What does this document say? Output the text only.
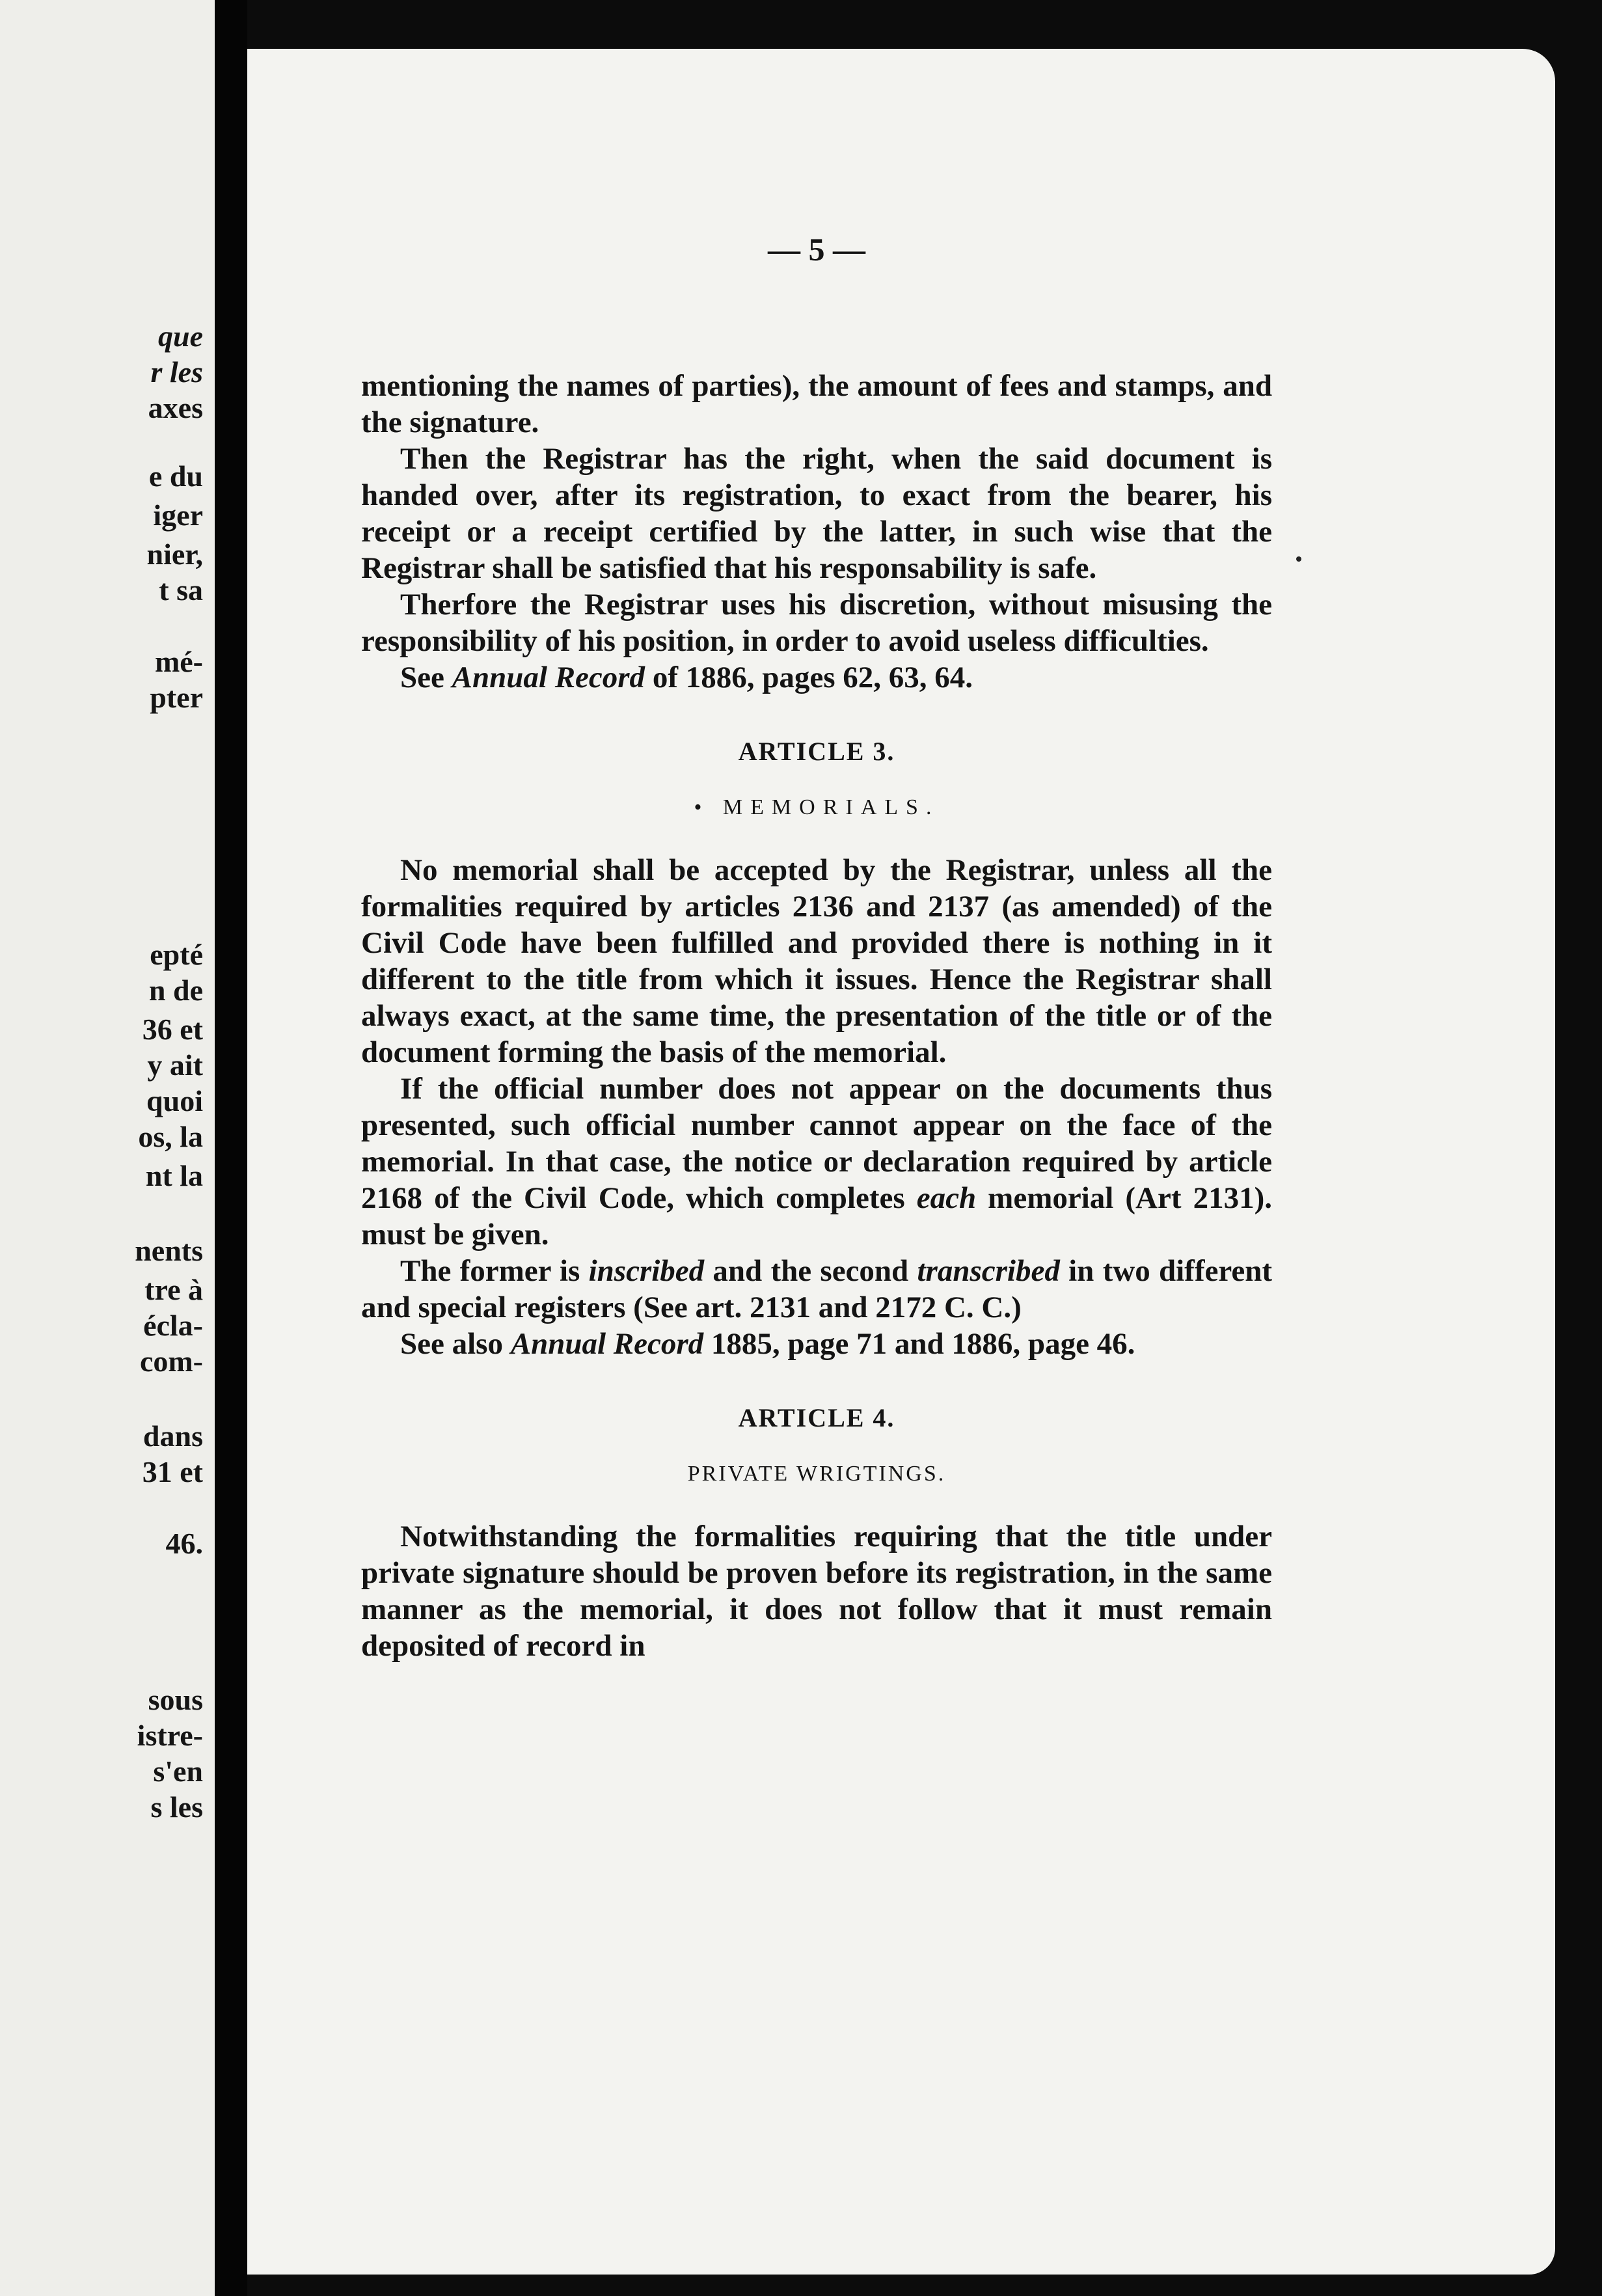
que
r les
axes
e du
iger
nier,
t sa
mé-
pter
epté
n de
36 et
y ait
quoi
os, la
nt la
nents
tre à
écla-
com-
dans
31 et
46.
sous
istre-
s'en
s les
— 5 —

mentioning the names of parties), the amount of fees and stamps, and the signature.

Then the Registrar has the right, when the said document is handed over, after its registration, to exact from the bearer, his receipt or a receipt certified by the latter, in such wise that the Registrar shall be satisfied that his responsability is safe.

Therfore the Registrar uses his discretion, without misusing the responsibility of his position, in order to avoid useless difficulties.

See Annual Record of 1886, pages 62, 63, 64.

ARTICLE 3.
• MEMORIALS.

No memorial shall be accepted by the Registrar, unless all the formalities required by articles 2136 and 2137 (as amended) of the Civil Code have been fulfilled and provided there is nothing in it different to the title from which it issues. Hence the Registrar shall always exact, at the same time, the presentation of the title or of the document forming the basis of the memorial.

If the official number does not appear on the documents thus presented, such official number cannot appear on the face of the memorial. In that case, the notice or declaration required by article 2168 of the Civil Code, which completes each memorial (Art 2131). must be given.

The former is inscribed and the second transcribed in two different and special registers (See art. 2131 and 2172 C. C.)

See also Annual Record 1885, page 71 and 1886, page 46.

ARTICLE 4.
PRIVATE WRIGTINGS.

Notwithstanding the formalities requiring that the title under private signature should be proven before its registration, in the same manner as the memorial, it does not follow that it must remain deposited of record in
